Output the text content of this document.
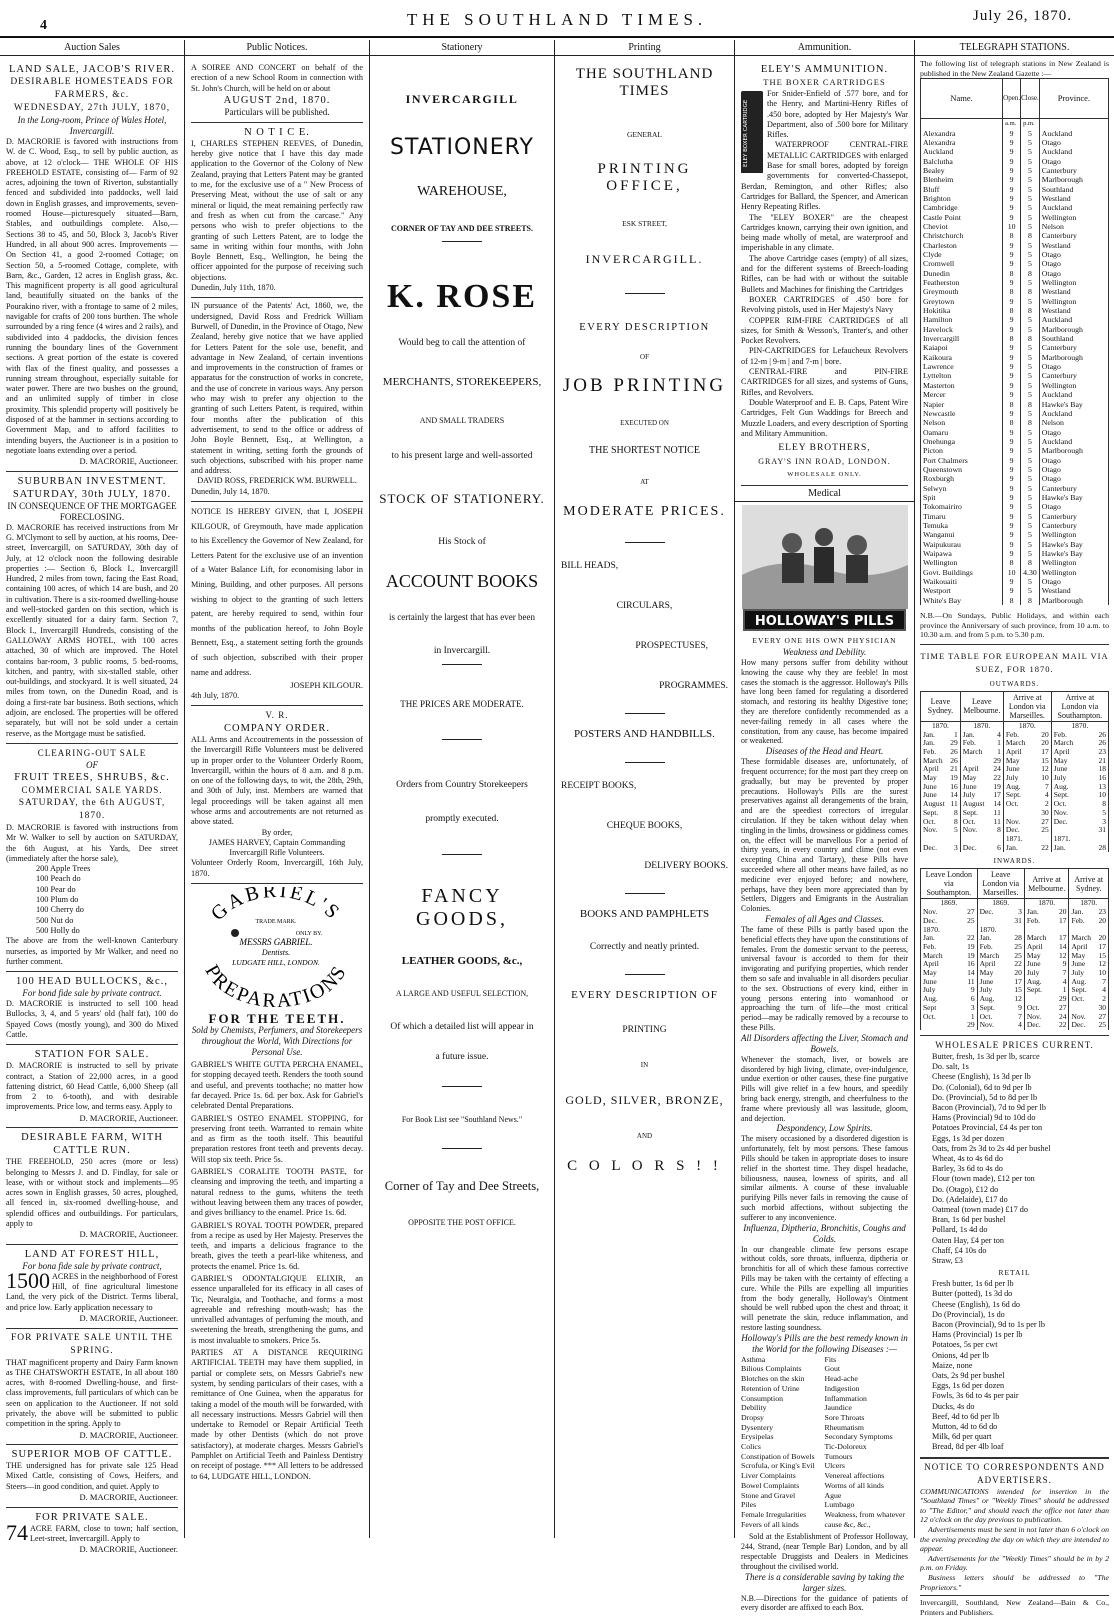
4	THE SOUTHLAND TIMES.	July 26, 1870.
Auction Sales
LAND SALE, JACOB'S RIVER.
DESIRABLE HOMESTEADS FOR FARMERS, &c.
WEDNESDAY, 27th JULY, 1870,
In the Long-room, Prince of Wales Hotel, Invercargill.
D. MACRORIE is favored with instructions from W. de C. Wood, Esq., to sell by public auction, as above, at 12 o'clock— THE WHOLE OF HIS FREEHOLD ESTATE, consisting of— Farm of 92 acres, adjoining the town of Riverton, substantially fenced and subdivided into paddocks, well laid down in English grasses, and improvements, seven-roomed House—picturesquely situated—Barn, Stables, and outbuildings complete. Also,— Sections 38 to 45, and 50, Block 3, Jacob's River Hundred, in all about 900 acres. Improvements — On Section 41, a good 2-roomed Cottage; on Section 50, a 5-roomed Cottage, complete, with Barn, &c., Garden, 12 acres in English grass, &c. This magnificent property is all good agricultural land, beautifully situated on the banks of the Pourakino river, with a frontage to same of 2 miles, navigable for crafts of 200 tons burthen. The whole surrounded by a ring fence (4 wires and 2 rails), and subdivided into 4 paddocks, the division fences running the boundary lines of the Government sections. A great portion of the estate is covered with flax of the finest quality, and possesses a running stream throughout, especially suitable for water power. There are two bushes on the ground, and an unlimited supply of timber in close proximity. This splendid property will positively be disposed of at the hammer in sections according to Government Map, and to afford facilities to intending buyers, the Auctioneer is in a position to negotiate loans extending over a period.
D. MACRORIE, Auctioneer.
SUBURBAN INVESTMENT.
SATURDAY, 30th JULY, 1870.
IN CONSEQUENCE OF THE MORTGAGEE FORECLOSING.
D. MACRORIE has received instructions from Mr G. M'Clymont to sell by auction, at his rooms, Dee-street, Invercargill, on SATURDAY, 30th day of July, at 12 o'clock noon the following desirable properties :— Section 6, Block I., Invercargill Hundred, 2 miles from town, facing the East Road, containing 100 acres, of which 14 are bush, and 20 in cultivation. There is a six-roomed dwelling-house and well-stocked garden on this section, which is excellently situated for a dairy farm. Section 7, Block I., Invercargill Hundreds, consisting of the GALLOWAY ARMS HOTEL, with 100 acres attached, 30 of which are improved. The Hotel contains bar-room, 3 public rooms, 5 bed-rooms, kitchen, and pantry, with six-stalled stable, other out-buildings, and stockyard. It is well situated, 24 miles from town, on the Dunedin Road, and is doing a first-rate bar business. Both sections, which adjoin, are enclosed. The properties will be offered separately, but will not be sold under a certain reserve, as the Mortgage must be satisfied.
CLEARING-OUT SALE
OF
FRUIT TREES, SHRUBS, &c.
COMMERCIAL SALE YARDS.
SATURDAY, the 6th AUGUST, 1870.
D. MACRORIE is favored with instructions from Mr W. Walker to sell by auction on SATURDAY, the 6th August, at his Yards, Dee street (immediately after the horse sale),
200 Apple Trees
100 Peach do
100 Pear do
100 Plum do
100 Cherry do
500 Nut do
500 Holly do
The above are from the well-known Canterbury nurseries, as imported by Mr Walker, and need no further comment.
100 HEAD BULLOCKS, &c.,
For bond fide sale by private contract.
D. MACRORIE is instructed to sell 100 head Bullocks, 3, 4, and 5 years' old (half fat), 100 do Spayed Cows (mostly young), and 300 do Mixed Cattle.
STATION FOR SALE.
D. MACRORIE is instructed to sell by private contract, a Station of 22,000 acres, in a good fattening district, 60 Head Cattle, 6,000 Sheep (all from 2 to 6-tooth), and with desirable improvements. Price low, and terms easy. Apply to
D. MACRORIE, Auctioneer.
DESIRABLE FARM, WITH CATTLE RUN.
THE FREEHOLD, 250 acres (more or less) belonging to Messrs J. and D. Findlay, for sale or lease, with or without stock and implements—95 acres sown in English grasses, 50 acres, ploughed, all fenced in, six-roomed dwelling-house, and splendid offices and outbuildings. For particulars, apply to
D. MACRORIE, Auctioneer.
LAND AT FOREST HILL,
For bona fide sale by private contract,
1500 ACRES in the neighborhood of Forest Hill, of fine agricultural limestone Land, the very pick of the District. Terms liberal, and price low. Early application necessary to
D. MACRORIE, Auctioneer.
FOR PRIVATE SALE UNTIL THE SPRING.
THAT magnificent property and Dairy Farm known as THE CHATSWORTH ESTATE, In all about 180 acres, with 8-roomed Dwelling-house, and first-class improvements, full particulars of which can be seen on application to the Auctioneer. If not sold privately, the above will be submitted to public competition in the spring. Apply to
D. MACRORIE, Auctioneer.
SUPERIOR MOB OF CATTLE.
THE undersigned has for private sale 125 Head Mixed Cattle, consisting of Cows, Heifers, and Steers—in good condition, and quiet. Apply to
D. MACRORIE, Auctioneer.
FOR PRIVATE SALE.
74 ACRE FARM, close to town; half section, Leet-street, Invercargill. Apply to
D. MACRORIE, Auctioneer.
Public Notices.
A SOIREE AND CONCERT on behalf of the erection of a new School Room in connection with St. John's Church, will be held on or about
AUGUST 2nd, 1870.
Particulars will be published.
N O T I C E.
I, CHARLES STEPHEN REEVES, of Dunedin, hereby give notice that I have this day made application to the Governor of the Colony of New Zealand, praying that Letters Patent may be granted to me, for the exclusive use of a " New Process of Preserving Meat, without the use of salt or any mineral or liquid, the meat remaining perfectly raw and fresh as when cut from the carcase." Any persons who wish to prefer objections to the granting of such Letters Patent, are to lodge the same in writing within four months, with John Boyle Bennett, Esq., Wellington, he being the officer appointed for the purpose of receiving such objections.
Dunedin, July 11th, 1870.
IN pursuance of the Patents' Act, 1860, we, the undersigned, David Ross and Fredrick William Burwell, of Dunedin, in the Province of Otago, New Zealand, hereby give notice that we have applied for Letters Patent for the sole use, benefit, and advantage in New Zealand, of certain inventions and improvements in the construction of frames or apparatus for the construction of works in concrete, and the use of concrete in various ways. Any person who may wish to prefer any objection to the granting of such Letters Patent, is required, within four months after the publication of this advertisement, to send to the office or address of John Boyle Bennett, Esq., at Wellington, a statement in writing, setting forth the grounds of such objections, subscribed with his proper name and address.
DAVID ROSS, FREDERICK WM. BURWELL.
Dunedin, July 14, 1870.
NOTICE IS HEREBY GIVEN, that I, JOSEPH KILGOUR, of Greymouth, have made application to his Excellency the Governor of New Zealand, for Letters Patent for the exclusive use of an invention of a Water Balance Lift, for economising labor in Mining, Building, and other purposes. All persons wishing to object to the granting of such letters patent, are hereby required to send, within four months of the publication hereof, to John Boyle Bennett, Esq., a statement setting forth the grounds of such objection, subscribed with their proper name and address.
JOSEPH KILGOUR.
4th July, 1870.
V. R.
COMPANY ORDER.
ALL Arms and Accoutrements in the possession of the Invercargill Rifle Volunteers must be delivered up in proper order to the Volunteer Orderly Room, Invercargill, within the hours of 8 a.m. and 8 p.m. on one of the following days, to wit, the 28th, 29th, and 30th of July, inst. Members are warned that legal proceedings will be taken against all men whose arms and accoutrements are not returned as above stated.
By order,
JAMES HARVEY, Captain Commanding Invercargill Rifle Volunteers.
Volunteer Orderly Room, Invercargill, 16th July, 1870.
GABRIEL'S
TRADE MARK.
ONLY BY.
MESSRS GABRIEL.
Dentists.
LUDGATE HILL, LONDON.
PREPARATIONS
FOR THE TEETH.
Sold by Chemists, Perfumers, and Storekeepers throughout the World, With Directions for Personal Use.
GABRIEL'S WHITE GUTTA PERCHA ENAMEL, for stopping decayed teeth. Renders the tooth sound and useful, and prevents toothache; no matter how far decayed. Price 1s. 6d. per box. Ask for Gabriel's celebrated Dental Preparations.
GABRIEL'S OSTEO ENAMEL STOPPING, for preserving front teeth. Warranted to remain white and as firm as the tooth itself. This beautiful preparation restores front teeth and prevents decay. Will stop six teeth. Price 5s.
GABRIEL'S CORALITE TOOTH PASTE, for cleansing and improving the teeth, and imparting a natural redness to the gums, whitens the teeth without leaving between them any traces of powder, and gives brilliancy to the enamel. Price 1s. 6d.
GABRIEL'S ROYAL TOOTH POWDER, prepared from a recipe as used by Her Majesty. Preserves the teeth, and imparts a delicious fragrance to the breath, gives the teeth a pearl-like whiteness, and protects the enamel. Price 1s. 6d.
GABRIEL'S ODONTALGIQUE ELIXIR, an essence unparalleled for its efficacy in all cases of Tic, Neuralgia, and Toothache, and forms a most agreeable and refreshing mouth-wash; has the unrivalled advantages of perfuming the mouth, and sweetening the breath, strengthening the gums, and is most invaluable to smokers. Price 5s.
PARTIES AT A DISTANCE REQUIRING ARTIFICIAL TEETH may have them supplied, in partial or complete sets, on Messrs Gabriel's new system, by sending particulars of their cases, with a remittance of One Guinea, when the apparatus for taking a model of the mouth will be forwarded, with all necessary instructions. Messrs Gabriel will then undertake to Remodel or Repair Artificial Teeth made by other Dentists (which do not prove satisfactory), at moderate charges. Messrs Gabriel's Pamphlet on Artificial Teeth and Painless Dentistry on receipt of postage. *** All letters to be addressed to 64, LUDGATE HILL, LONDON.
Stationery
INVERCARGILL
STATIONERY
WAREHOUSE,
CORNER OF TAY AND DEE STREETS.
K. ROSE
Would beg to call the attention of
MERCHANTS, STOREKEEPERS,
AND SMALL TRADERS
to his present large and well-assorted
STOCK OF STATIONERY.
His Stock of
ACCOUNT BOOKS
is certainly the largest that has ever been
in Invercargill.
THE PRICES ARE MODERATE.
Orders from Country Storekeepers
promptly executed.
FANCY GOODS,
LEATHER GOODS, &c.,
A LARGE AND USEFUL SELECTION,
Of which a detailed list will appear in
a future issue.
For Book List see "Southland News."
Corner of Tay and Dee Streets,
OPPOSITE THE POST OFFICE.
Printing
THE SOUTHLAND TIMES
GENERAL
PRINTING OFFICE,
ESK STREET,
INVERCARGILL.
EVERY DESCRIPTION
OF
JOB PRINTING
EXECUTED ON
THE SHORTEST NOTICE
AT
MODERATE PRICES.
BILL HEADS,
CIRCULARS,
PROSPECTUSES,
PROGRAMMES.
POSTERS AND HANDBILLS.
RECEIPT BOOKS,
CHEQUE BOOKS,
DELIVERY BOOKS.
BOOKS AND PAMPHLETS
Correctly and neatly printed.
EVERY DESCRIPTION OF
PRINTING
IN
GOLD, SILVER, BRONZE,
AND
C O L O R S ! !
Ammunition.
ELEY'S AMMUNITION.
THE BOXER CARTRIDGES
ELEY BOXER CARTRIDGE
For Snider-Enfield of .577 bore, and for the Henry, and Martini-Henry Rifles of .450 bore, adopted by Her Majesty's War Department, also of .500 bore for Military Rifles.
WATERPROOF CENTRAL-FIRE METALLIC CARTRIDGES with enlarged Base for small bores, adopted by foreign governments for converted-Chassepot, Berdan, Remington, and other Rifles; also Cartridges for Ballard, the Spencer, and American Henry Repeating Rifles.
The "ELEY BOXER" are the cheapest Cartridges known, carrying their own ignition, and being made wholly of metal, are waterproof and imperishable in any climate.
The above Cartridge cases (empty) of all sizes, and for the different systems of Breech-loading Rifles, can be had with or without the suitable Bullets and Machines for finishing the Cartridges
BOXER CARTRIDGES of .450 bore for Revolving pistols, used in Her Majesty's Navy
COPPER RIM-FIRE CARTRIDGES of all sizes, for Smith & Wesson's, Tranter's, and other Pocket Revolvers.
PIN-CARTRIDGES for Lefaucheux Revolvers of 12-m | 9-m | and 7-m | bore.
CENTRAL-FIRE and PIN-FIRE CARTRIDGES for all sizes, and systems of Guns, Rifles, and Revolvers.
Double Waterproof and E. B. Caps, Patent Wire Cartridges, Felt Gun Waddings for Breech and Muzzle Loaders, and every description of Sporting and Military Ammunition.
ELEY BROTHERS,
GRAY'S INN ROAD, LONDON.
WHOLESALE ONLY.
Medical
HOLLOWAY'S PILLS
EVERY ONE HIS OWN PHYSICIAN
Weakness and Debility.
How many persons suffer from debility without knowing the cause why they are feeble! In most cases the stomach is the aggressor. Holloway's Pills have long been famed for regulating a disordered stomach, and restoring its healthy Digestive tone; they are therefore confidently recommended as a never-failing remedy in all cases where the constitution, from any cause, has become impaired or weakened.
Diseases of the Head and Heart.
These formidable diseases are, unfortunately, of frequent occurrence; for the most part they creep on gradually, but may be prevented by proper precautions. Holloway's Pills are the surest preservatives against all derangements of the brain, and are the speediest correctors of irregular circulation. If they be taken without delay when tingling in the limbs, drowsiness or giddiness comes on, the effect will be marvellous For a period of thirty years, in every country and clime (not even excepting China and Tartary), these Pills have succeeded where all other means have failed, as no medicine ever enjoyed before; and nowhere, perhaps, have they been more appreciated than by Settlers, Diggers and Emigrants in the Australian Colonies.
Females of all Ages and Classes.
The fame of these Pills is partly based upon the beneficial effects they have upon the constitutions of females. From the domestic servant to the peeress, universal favour is accorded to them for their invigorating and purifying properties, which render them so safe and invaluable in all disorders peculiar to the sex. Obstructions of every kind, either in young persons entering into womanhood or approaching the turn of life—the most critical period—may be radically removed by a recourse to these Pills.
All Disorders affecting the Liver, Stomach and Bowels.
Whenever the stomach, liver, or bowels are disordered by high living, climate, over-indulgence, undue exertion or other causes, these fine purgative Pills will give relief in a few hours, and speedily bring back energy, strength, and cheerfulness to the frame where previously all was lassitude, gloom, and dejection.
Despondency, Low Spirits.
The misery occasioned by a disordered digestion is unfortunately, felt by most persons. These famous Pills should be taken in appropriate doses to insure relief in the shortest time. They dispel headache, biliousness, nausea, lowness of spirits, and all similar ailments. A course of these invaluable purifying Pills never fails in removing the cause of such morbid affections, without subjecting the sufferer to any inconvenience.
Influenza, Diptheria, Bronchitis, Coughs and Colds.
In our changeable climate few persons escape without colds, sore throats, influenza, diptheria or bronchitis for all of which these famous corrective Pills may be taken with the certainty of effecting a cure. While the Pills are expelling all impurities from the body generally, Holloway's Ointment should be well rubbed upon the chest and throat; it will penetrate the skin, reduce inflammation, and restore lasting soundness.
Holloway's Pills are the best remedy known in the World for the following Diseases :—
Asthma
Bilious Complaints
Blotches on the skin
Retention of Urine
Consumption
Debility
Dropsy
Dysentery
Erysipelas
Colics
Constipation of Bowels
Scrofula, or King's Evil
Liver Complaints
Bowel Complaints
Stone and Gravel
Piles
Female Irregularities
Fevers of all kinds
Fits
Gout
Head-ache
Indigestion
Inflammation
Jaundice
Sore Throats
Rheumatism
Secondary Symptoms
Tic-Doloreux
Tumours
Ulcers
Venereal affections
Worms of all kinds
Ague
Lumbago
Weakness, from whatever cause &c, &c.,
Sold at the Establishment of Professor Holloway, 244, Strand, (near Temple Bar) London, and by all respectable Druggists and Dealers in Medicines throughout the civilised world.
There is a considerable saving by taking the larger sizes.
N.B.—Directions for the guidance of patients of every disorder are affixed to each Box.
TELEGRAPH STATIONS.
The following list of telegraph stations in New Zealand is published in the New Zealand Gazette :—
Name.	Open.	Close.	Province.
	a.m.	p.m.	
Alexandra	9	5	Auckland
Alexandra	9	5	Otago
Auckland	9	5	Auckland
Balclutha	9	5	Otago
Bealey	9	5	Canterbury
Blenheim	9	5	Marlborough
Bluff	9	5	Southland
Brighton	9	5	Westland
Cambridge	9	5	Auckland
Castle Point	9	5	Wellington
Cheviot	10	5	Nelson
Christchurch	8	8	Canterbury
Charleston	9	5	Westland
Clyde	9	5	Otago
Cromwell	9	5	Otago
Dunedin	8	8	Otago
Featherston	9	5	Wellington
Greymouth	8	8	Westland
Greytown	9	5	Wellington
Hokitika	8	8	Westland
Hamilton	9	5	Auckland
Havelock	9	5	Marlborough
Invercargill	8	8	Southland
Kaiapoi	9	5	Canterbury
Kaikoura	9	5	Marlborough
Lawrence	9	5	Otago
Lyttelton	9	5	Canterbury
Masterton	9	5	Wellington
Mercer	9	5	Auckland
Napier	8	8	Hawke's Bay
Newcastle	9	5	Auckland
Nelson	8	8	Nelson
Oamaru	9	5	Otago
Onehunga	9	5	Auckland
Picton	9	5	Marlborough
Port Chalmers	9	5	Otago
Queenstown	9	5	Otago
Roxburgh	9	5	Otago
Selwyn	9	5	Canterbury
Spit	9	5	Hawke's Bay
Tokomairiro	9	5	Otago
Timaru	9	5	Canterbury
Temuka	9	5	Canterbury
Wanganui	9	5	Wellington
Waipukurau	9	5	Hawke's Bay
Waipawa	9	5	Hawke's Bay
Wellington	8	8	Wellington
Govt. Buildings	10	4.30	Wellington
Waikouaiti	9	5	Otago
Westport	9	5	Westland
White's Bay	8	8	Marlborough
N.B.—On Sundays, Public Holidays, and within each province the Anniversary of such province, from 10 a.m. to 10.30 a.m. and from 5 p.m. to 5.30 p.m.
TIME TABLE FOR EUROPEAN MAIL VIA SUEZ, FOR 1870.
OUTWARDS.
Leave Sydney.		Leave Melbourne.		Arrive at London via Marseilles.		Arrive at London via Southampton.	
1870.		1870.		1870.		1870.	
Jan.	1	Jan.	4	Feb.	20	Feb.	26
Jan.	29	Feb.	1	March	20	March	26
Feb.	26	March	1	April	17	April	23
March	26		29	May	15	May	21
April	21	April	24	June	12	June	18
May	19	May	22	July	10	July	16
June	16	June	19	Aug.	7	Aug.	13
June	14	July	17	Sept.	4	Sept.	10
August	11	August	14	Oct.	2	Oct.	8
Sept.	8	Sept.	11		30	Nov.	5
Oct.	8	Oct.	11	Nov.	27	Dec.	3
Nov.	5	Nov.	8	Dec.	25		31
				1871.		1871.	
Dec.	3	Dec.	6	Jan.	22	Jan.	28
INWARDS.
Leave London via Southampton.		Leave London via Marseilles.		Arrive at Melbourne.		Arrive at Sydney.	
1869.		1869.		1870.		1870.	
Nov.	27	Dec.	3	Jan.	20	Jan.	23
Dec.	25		31	Feb.	17	Feb.	20
1870.		1870.					
Jan.	22	Jan.	28	March	17	March	20
Feb.	19	Feb.	25	April	14	April	17
March	19	March	25	May	12	May	15
April	16	April	22	June	9	June	12
May	14	May	20	July	7	July	10
June	11	June	17	Aug.	4	Aug.	7
July	9	July	15	Sept.	1	Sept.	4
Aug.	6	Aug.	12		29	Oct.	2
Sept	3	Sept.	9	Oct.	27		30
Oct.	1	Oct.	7	Nov.	24	Nov.	27
	29	Nov.	4	Dec.	22	Dec.	25
WHOLESALE PRICES CURRENT.
Butter, fresh, 1s 3d per lb, scarce
Do. salt, 1s
Cheese (English), 1s 3d per lb
Do. (Colonial), 6d to 9d per lb
Do. (Provincial), 5d to 8d per lb
Bacon (Provincial), 7d to 9d per lb
Hams (Provincial) 9d to 10d do
Potatoes Provincial, £4 4s per ton
Eggs, 1s 3d per dozen
Oats, from 2s 3d to 2s 4d per bushel
Wheat, 4s to 4s 6d do
Barley, 3s 6d to 4s do
Flour (town made), £12 per ton
Do. (Otago), £12 do
Do. (Adelaide), £17 do
Oatmeal (town made) £17 do
Bran, 1s 6d per bushel
Pollard, 1s 4d do
Oaten Hay, £4 per ton
Chaff, £4 10s do
Straw, £3
RETAIL
Fresh butter, 1s 6d per lb
Butter (potted), 1s 3d do
Cheese (English), 1s 6d do
Do (Provincial), 1s do
Bacon (Provincial), 9d to 1s per lb
Hams (Provincial) 1s per lb
Potatoes, 5s per cwt
Onions, 4d per lb
Maize, none
Oats, 2s 9d per bushel
Eggs, 1s 6d per dozen
Fowls, 3s 6d to 4s per pair
Ducks, 4s do
Beef, 4d to 6d per lb
Mutton, 4d to 6d do
Milk, 6d per quart
Bread, 8d per 4lb loaf
NOTICE TO CORRESPONDENTS AND ADVERTISERS.
COMMUNICATIONS intended for insertion in the "Southland Times" or "Weekly Times" should be addressed to "The Editor," and should reach the office not later than 12 o'clock on the day previous to publication.
Advertisements must be sent in not later than 6 o'clock on the evening preceding the day on which they are intended to appear.
Advertisements for the "Weekly Times" should be in by 2 p.m. on Friday.
Business letters should be addressed to "The Proprietors."
Invercargill, Southland, New Zealand—Bain & Co., Printers and Publishers.
